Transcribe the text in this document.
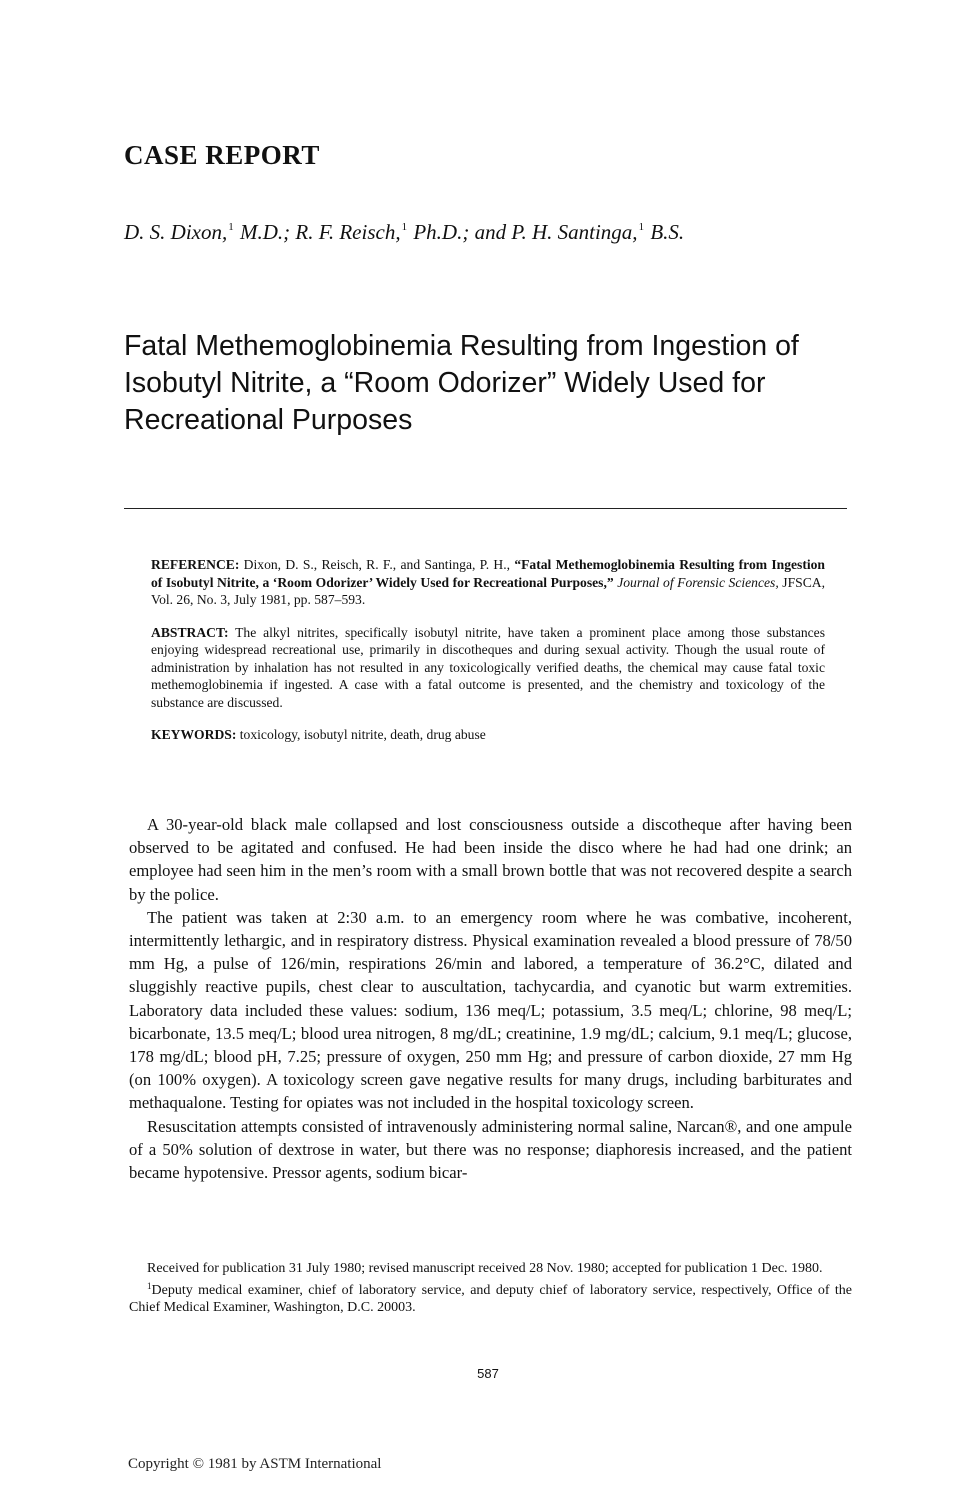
CASE REPORT
D. S. Dixon,$^1$ M.D.; R. F. Reisch,$^1$ Ph.D.; and P. H. Santinga,$^1$ B.S.
Fatal Methemoglobinemia Resulting from Ingestion of Isobutyl Nitrite, a “Room Odorizer” Widely Used for Recreational Purposes

REFERENCE: Dixon, D. S., Reisch, R. F., and Santinga, P. H., “Fatal Methemoglobinemia Resulting from Ingestion of Isobutyl Nitrite, a ‘Room Odorizer’ Widely Used for Recreational Purposes,” Journal of Forensic Sciences, JFSCA, Vol. 26, No. 3, July 1981, pp. 587–593.

ABSTRACT: The alkyl nitrites, specifically isobutyl nitrite, have taken a prominent place among those substances enjoying widespread recreational use, primarily in discotheques and during sexual activity. Though the usual route of administration by inhalation has not resulted in any toxicologically verified deaths, the chemical may cause fatal toxic methemoglobinemia if ingested. A case with a fatal outcome is presented, and the chemistry and toxicology of the substance are discussed.

KEYWORDS: toxicology, isobutyl nitrite, death, drug abuse

A 30-year-old black male collapsed and lost consciousness outside a discotheque after having been observed to be agitated and confused. He had been inside the disco where he had had one drink; an employee had seen him in the men’s room with a small brown bottle that was not recovered despite a search by the police.

The patient was taken at 2:30 a.m. to an emergency room where he was combative, incoherent, intermittently lethargic, and in respiratory distress. Physical examination revealed a blood pressure of 78/50 mm Hg, a pulse of 126/min, respirations 26/min and labored, a temperature of 36.2°C, dilated and sluggishly reactive pupils, chest clear to auscultation, tachycardia, and cyanotic but warm extremities. Laboratory data included these values: sodium, 136 meq/L; potassium, 3.5 meq/L; chlorine, 98 meq/L; bicarbonate, 13.5 meq/L; blood urea nitrogen, 8 mg/dL; creatinine, 1.9 mg/dL; calcium, 9.1 meq/L; glucose, 178 mg/dL; blood pH, 7.25; pressure of oxygen, 250 mm Hg; and pressure of carbon dioxide, 27 mm Hg (on 100% oxygen). A toxicology screen gave negative results for many drugs, including barbiturates and methaqualone. Testing for opiates was not included in the hospital toxicology screen.

Resuscitation attempts consisted of intravenously administering normal saline, Narcan®, and one ampule of a 50% solution of dextrose in water, but there was no response; diaphoresis increased, and the patient became hypotensive. Pressor agents, sodium bicar-

Received for publication 31 July 1980; revised manuscript received 28 Nov. 1980; accepted for publication 1 Dec. 1980.

$^1$Deputy medical examiner, chief of laboratory service, and deputy chief of laboratory service, respectively, Office of the Chief Medical Examiner, Washington, D.C. 20003.

587
Copyright © 1981 by ASTM International
